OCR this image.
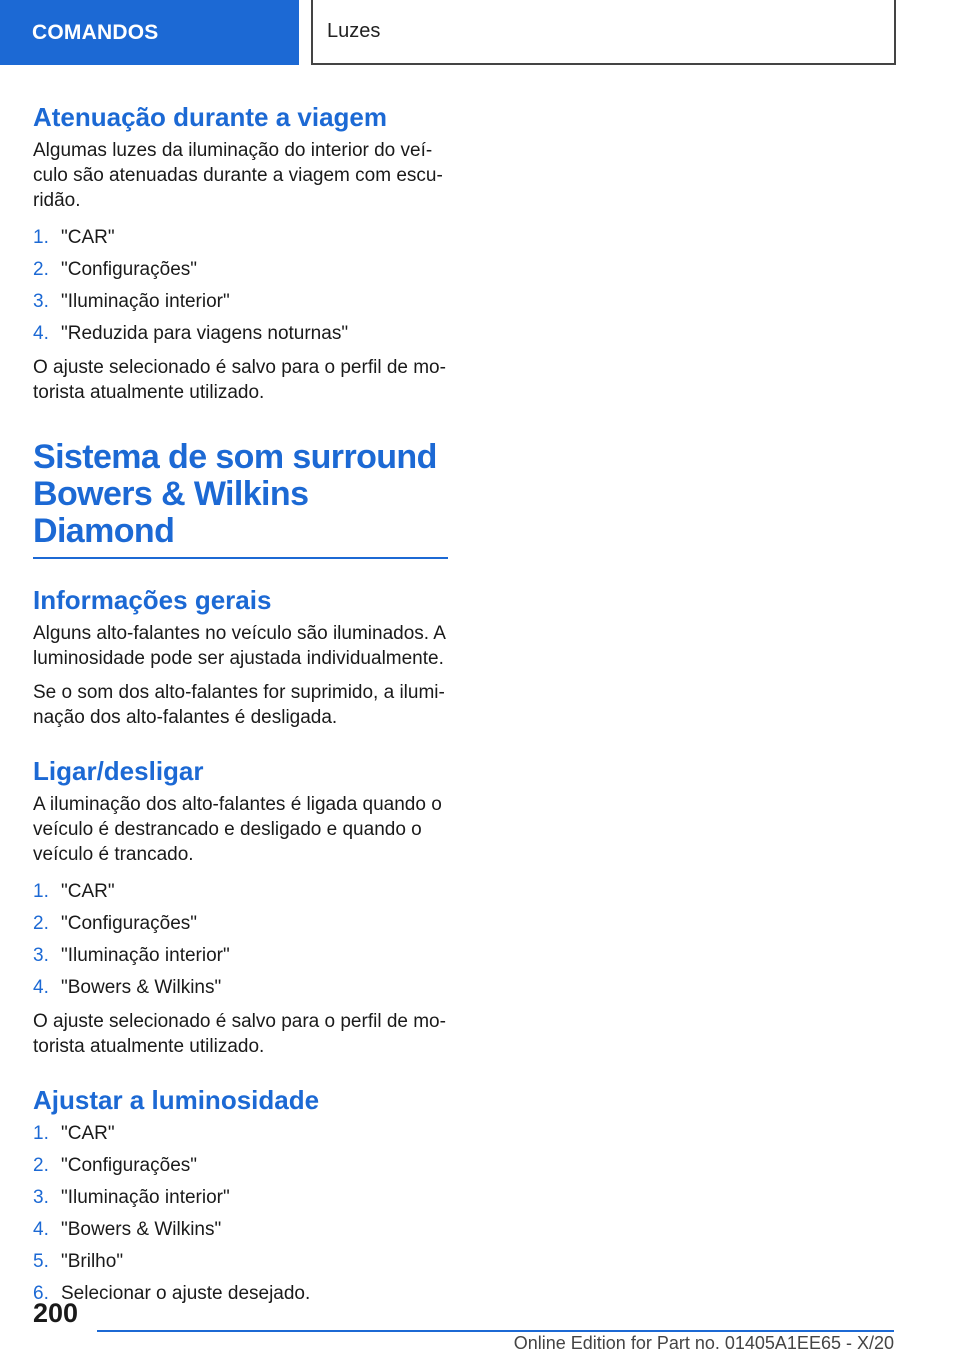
COMANDOS	Luzes
Atenuação durante a viagem

Algumas luzes da iluminação do interior do veí-culo são atenuadas durante a viagem com escu-ridão.

1. "CAR"
2. "Configurações"
3. "Iluminação interior"
4. "Reduzida para viagens noturnas"

O ajuste selecionado é salvo para o perfil de mo-torista atualmente utilizado.

Sistema de som surround
Bowers & Wilkins Diamond
Informações gerais

Alguns alto-falantes no veículo são iluminados. A luminosidade pode ser ajustada individualmente.

Se o som dos alto-falantes for suprimido, a ilumi-nação dos alto-falantes é desligada.

Ligar/desligar

A iluminação dos alto-falantes é ligada quando o veículo é destrancado e desligado e quando o veículo é trancado.

1. "CAR"
2. "Configurações"
3. "Iluminação interior"
4. "Bowers & Wilkins"

O ajuste selecionado é salvo para o perfil de mo-torista atualmente utilizado.

Ajustar a luminosidade
1. "CAR"
2. "Configurações"
3. "Iluminação interior"
4. "Bowers & Wilkins"
5. "Brilho"
6. Selecionar o ajuste desejado.
200
Online Edition for Part no. 01405A1EE65 - X/20
